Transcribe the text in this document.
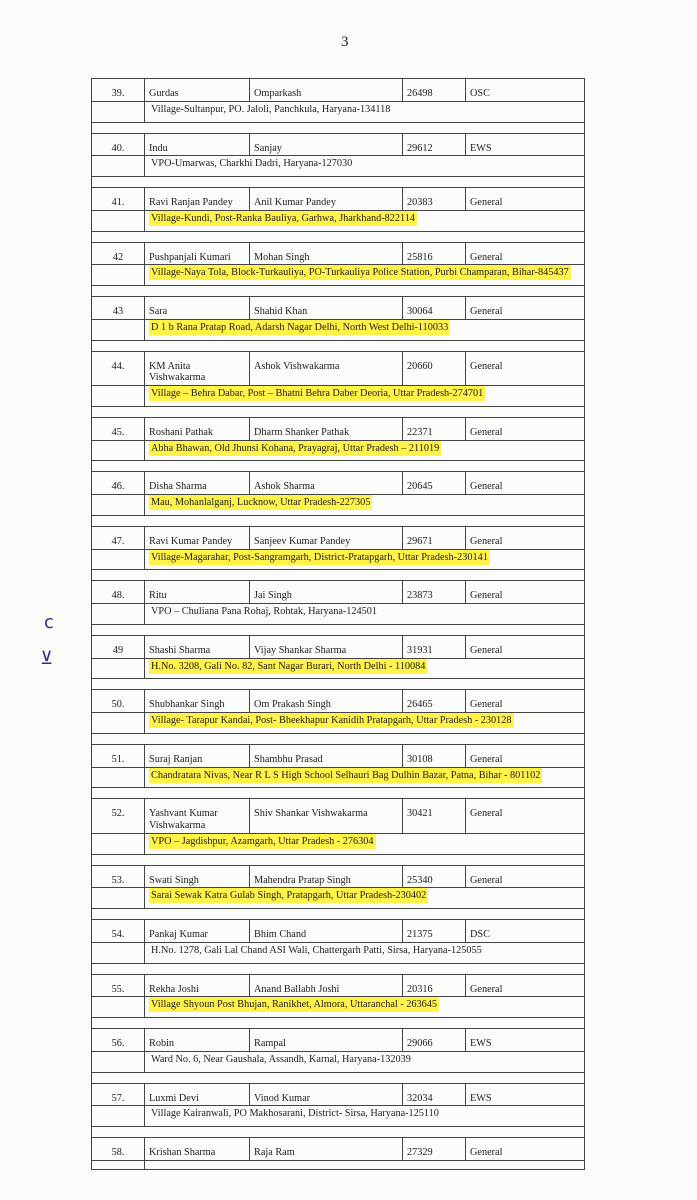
3
c
⊻
39.	Gurdas	Omparkash	26498	OSC
	Village-Sultanpur, PO. Jaloli, Panchkula, Haryana-134118			

40.	Indu	Sanjay	29612	EWS
	VPO-Umarwas, Charkhi Dadri, Haryana-127030			

41.	Ravi Ranjan Pandey	Anil Kumar Pandey	20383	General
	Village-Kundi, Post-Ranka Bauliya, Garhwa, Jharkhand-822114			

42	Pushpanjali Kumari	Mohan Singh	25816	General
	Village-Naya Tola, Block-Turkauliya, PO-Turkauliya Police Station, Purbi Champaran, Bihar-845437			

43	Sara	Shahid Khan	30064	General
	D 1 b Rana Pratap Road, Adarsh Nagar Delhi, North West Delhi-110033			

44.	KM Anita Vishwakarma	Ashok Vishwakarma	20660	General
	Village – Behra Dabar, Post – Bhatni Behra Daber Deoria, Uttar Pradesh-274701			

45.	Roshani Pathak	Dharm Shanker Pathak	22371	General
	Abha Bhawan, Old Jhunsi Kohana, Prayagraj, Uttar Pradesh – 211019			

46.	Disha Sharma	Ashok Sharma	20645	General
	Mau, Mohanlalganj, Lucknow, Uttar Pradesh-227305			

47.	Ravi Kumar Pandey	Sanjeev Kumar Pandey	29671	General
	Village-Magarahar, Post-Sangramgarh, District-Pratapgarh, Uttar Pradesh-230141			

48.	Ritu	Jai Singh	23873	General
	VPO – Chuliana Pana Rohaj, Rohtak, Haryana-124501			

49	Shashi Sharma	Vijay Shankar Sharma	31931	General
	H.No. 3208, Gali No. 82, Sant Nagar Burari, North Delhi - 110084			

50.	Shubhankar Singh	Om Prakash Singh	26465	General
	Village- Tarapur Kandai, Post- Bheekhapur Kanidih Pratapgarh, Uttar Pradesh - 230128			

51.	Suraj Ranjan	Shambhu Prasad	30108	General
	Chandratara Nivas, Near R L S High School Selhauri Bag Dulhin Bazar, Patna, Bihar - 801102			

52.	Yashvant Kumar Vishwakarma	Shiv Shankar Vishwakarma	30421	General
	VPO – Jagdishpur, Azamgarh, Uttar Pradesh - 276304			

53.	Swati Singh	Mahendra Pratap Singh	25340	General
	Sarai Sewak Katra Gulab Singh, Pratapgarh, Uttar Pradesh-230402			

54.	Pankaj Kumar	Bhim Chand	21375	DSC
	H.No. 1278, Gali Lal Chand ASI Wali, Chattergarh Patti, Sirsa, Haryana-125055			

55.	Rekha Joshi	Anand Ballabh Joshi	20316	General
	Village Shyoun Post Bhujan, Ranikhet, Almora, Uttaranchal - 263645			

56.	Robin	Rampal	29066	EWS
	Ward No. 6, Near Gaushala, Assandh, Karnal, Haryana-132039			

57.	Luxmi Devi	Vinod Kumar	32034	EWS
	Village Kairanwali, PO Makhosarani, District- Sirsa, Haryana-125110			

58.	Krishan Sharma	Raja Ram	27329	General
